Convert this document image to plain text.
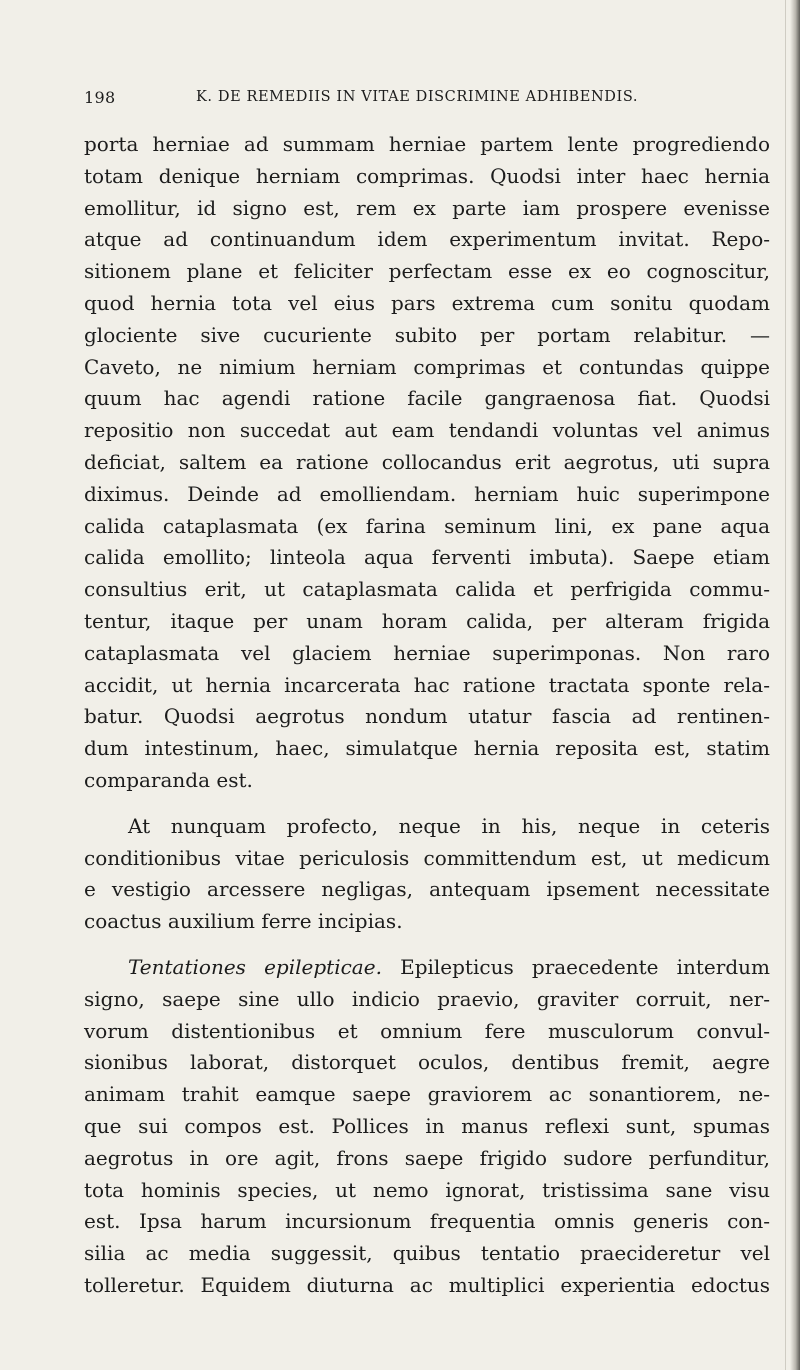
198	K. DE REMEDIIS IN VITAE DISCRIMINE ADHIBENDIS.
porta herniae ad summam herniae partem lente progrediendo
totam denique herniam comprimas. Quodsi inter haec hernia
emollitur, id signo est, rem ex parte iam prospere evenisse
atque ad continuandum idem experimentum invitat. Repo-
sitionem plane et feliciter perfectam esse ex eo cognoscitur,
quod hernia tota vel eius pars extrema cum sonitu quodam
glociente sive cucuriente subito per portam relabitur. —
Caveto, ne nimium herniam comprimas et contundas quippe
quum hac agendi ratione facile gangraenosa fiat. Quodsi
repositio non succedat aut eam tendandi voluntas vel animus
deficiat, saltem ea ratione collocandus erit aegrotus, uti supra
diximus. Deinde ad emolliendam. herniam huic superimpone
calida cataplasmata (ex farina seminum lini, ex pane aqua
calida emollito; linteola aqua ferventi imbuta). Saepe etiam
consultius erit, ut cataplasmata calida et perfrigida commu-
tentur, itaque per unam horam calida, per alteram frigida
cataplasmata vel glaciem herniae superimponas. Non raro
accidit, ut hernia incarcerata hac ratione tractata sponte rela-
batur. Quodsi aegrotus nondum utatur fascia ad rentinen-
dum intestinum, haec, simulatque hernia reposita est, statim
comparanda est.
At nunquam profecto, neque in his, neque in ceteris
conditionibus vitae periculosis committendum est, ut medicum
e vestigio arcessere negligas, antequam ipsement necessitate
coactus auxilium ferre incipias.
Tentationes epilepticae. Epilepticus praecedente interdum
signo, saepe sine ullo indicio praevio, graviter corruit, ner-
vorum distentionibus et omnium fere musculorum convul-
sionibus laborat, distorquet oculos, dentibus fremit, aegre
animam trahit eamque saepe graviorem ac sonantiorem, ne-
que sui compos est. Pollices in manus reflexi sunt, spumas
aegrotus in ore agit, frons saepe frigido sudore perfunditur,
tota hominis species, ut nemo ignorat, tristissima sane visu
est. Ipsa harum incursionum frequentia omnis generis con-
silia ac media suggessit, quibus tentatio praecideretur vel
tolleretur. Equidem diuturna ac multiplici experientia edoctus
